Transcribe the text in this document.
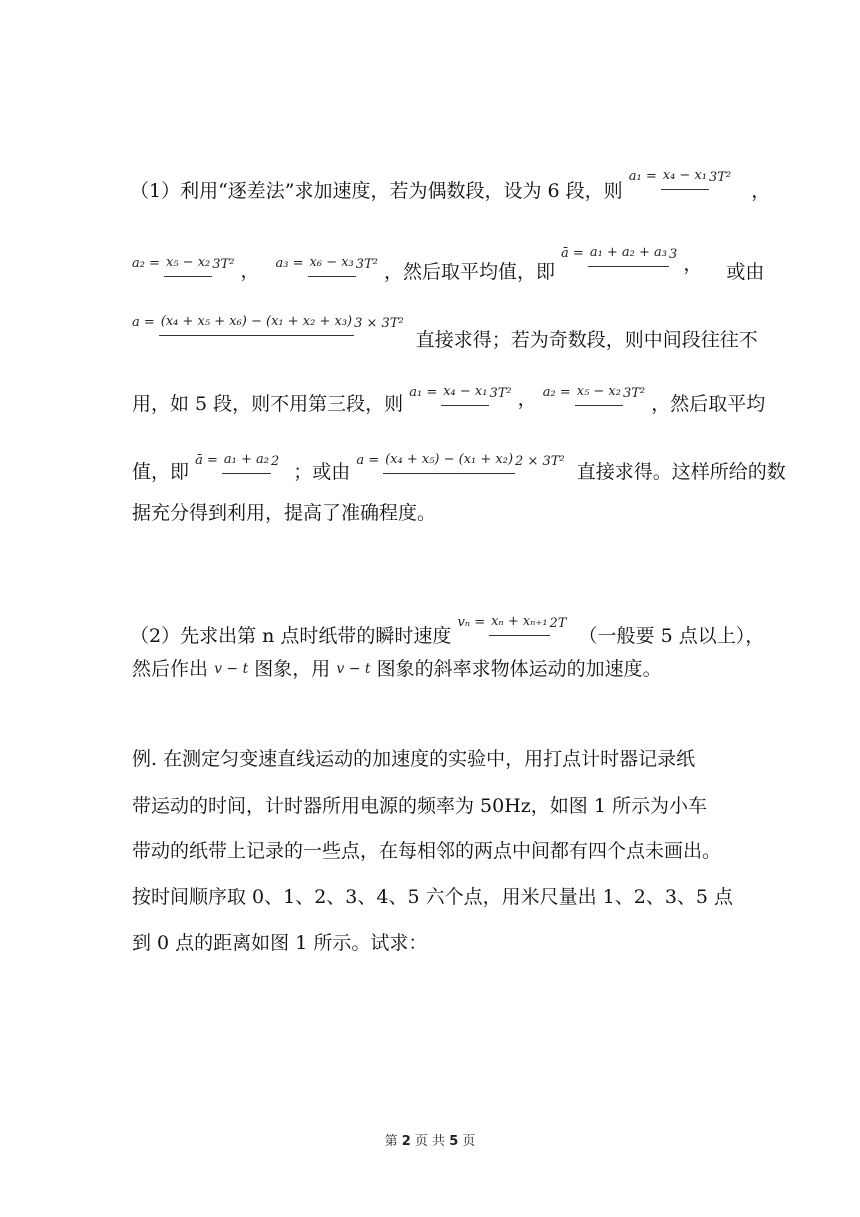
（1）利用“逐差法”求加速度，若为偶数段，设为 6 段，则 a₁ = x₄ − x₁ 3T² ，
a₂ = x₅ − x₂ 3T² ， a₃ = x₆ − x₃ 3T² ，然后取平均值，即 ā = a₁ + a₂ + a₃ 3 ， 或由
a = (x₄ + x₅ + x₆) − (x₁ + x₂ + x₃) 3 × 3T² 直接求得；若为奇数段，则中间段往往不
用，如 5 段，则不用第三段，则 a₁ = x₄ − x₁ 3T² ， a₂ = x₅ − x₂ 3T² ，然后取平均
值，即 ā = a₁ + a₂ 2 ；或由 a = (x₄ + x₅) − (x₁ + x₂) 2 × 3T² 直接求得。这样所给的数
据充分得到利用，提高了准确程度。
（2）先求出第 n 点时纸带的瞬时速度 vₙ = xₙ + xₙ₊₁ 2T （一般要 5 点以上），
然后作出 v − t 图象，用 v − t 图象的斜率求物体运动的加速度。
例. 在测定匀变速直线运动的加速度的实验中，用打点计时器记录纸
带运动的时间，计时器所用电源的频率为 50Hz，如图 1 所示为小车
带动的纸带上记录的一些点，在每相邻的两点中间都有四个点未画出。
按时间顺序取 0、1、2、3、4、5 六个点，用米尺量出 1、2、3、5 点
到 0 点的距离如图 1 所示。试求：
第 2 页 共 5 页
